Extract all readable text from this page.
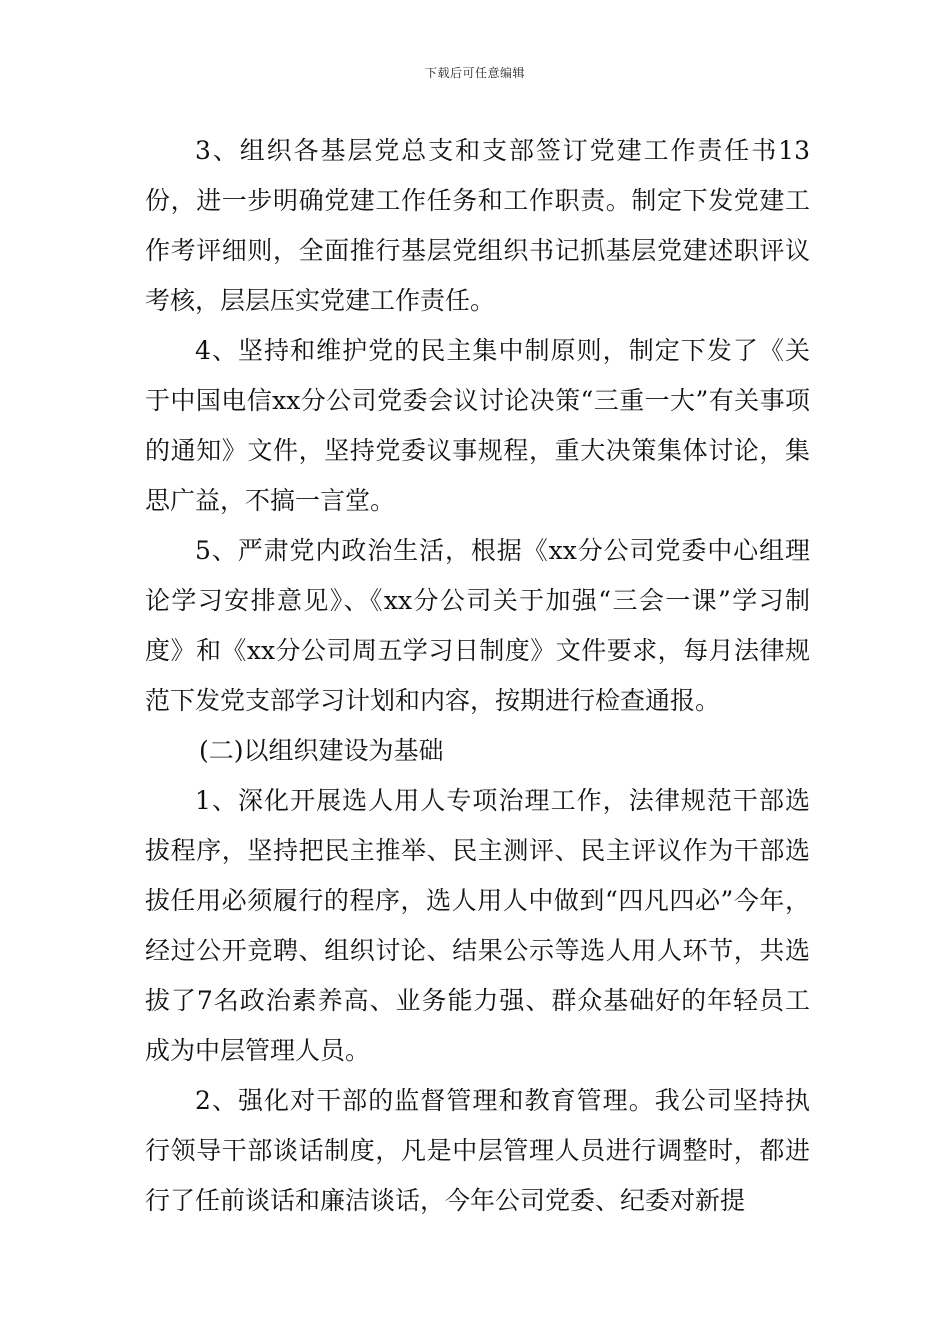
下载后可任意编辑

3、组织各基层党总支和支部签订党建工作责任书13份，进一步明确党建工作任务和工作职责。制定下发党建工作考评细则，全面推行基层党组织书记抓基层党建述职评议考核，层层压实党建工作责任。

4、坚持和维护党的民主集中制原则，制定下发了《关于中国电信xx分公司党委会议讨论决策“三重一大”有关事项的通知》文件，坚持党委议事规程，重大决策集体讨论，集思广益，不搞一言堂。

5、严肃党内政治生活，根据《xx分公司党委中心组理论学习安排意见》、《xx分公司关于加强“三会一课”学习制度》和《xx分公司周五学习日制度》文件要求，每月法律规范下发党支部学习计划和内容，按期进行检查通报。

(二)以组织建设为基础

1、深化开展选人用人专项治理工作，法律规范干部选拔程序，坚持把民主推举、民主测评、民主评议作为干部选拔任用必须履行的程序，选人用人中做到“四凡四必”今年，经过公开竞聘、组织讨论、结果公示等选人用人环节，共选拔了7名政治素养高、业务能力强、群众基础好的年轻员工成为中层管理人员。

2、强化对干部的监督管理和教育管理。我公司坚持执行领导干部谈话制度，凡是中层管理人员进行调整时，都进行了任前谈话和廉洁谈话，今年公司党委、纪委对新提
